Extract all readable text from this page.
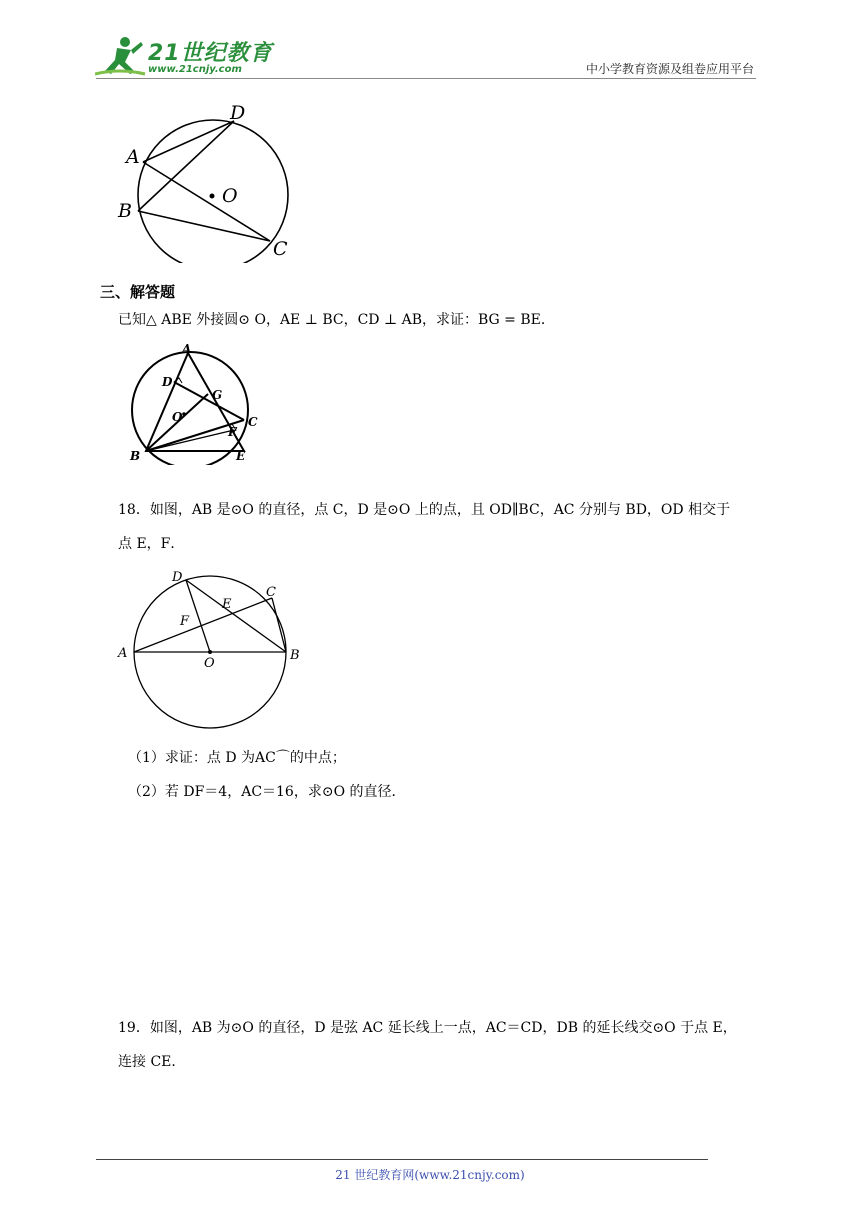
21世纪教育
www.21cnjy.com	中小学教育资源及组卷应用平台
D
A
O
B
C
三、解答题
已知△ ABE 外接圆⊙ O，AE ⊥ BC，CD ⊥ AB，求证：BG = BE．
A
D
G
O	C
F
B	E
18．如图，AB 是⊙O 的直径，点 C，D 是⊙O 上的点，且 OD∥BC，AC 分别与 BD，OD 相交于
点 E，F．
D
E
C
F
A	B
O
（1）求证：点 D 为AC⌒的中点；
（2）若 DF＝4，AC＝16，求⊙O 的直径．
19．如图，AB 为⊙O 的直径，D 是弦 AC 延长线上一点，AC＝CD，DB 的延长线交⊙O 于点 E，
连接 CE．
21 世纪教育网(www.21cnjy.com)
